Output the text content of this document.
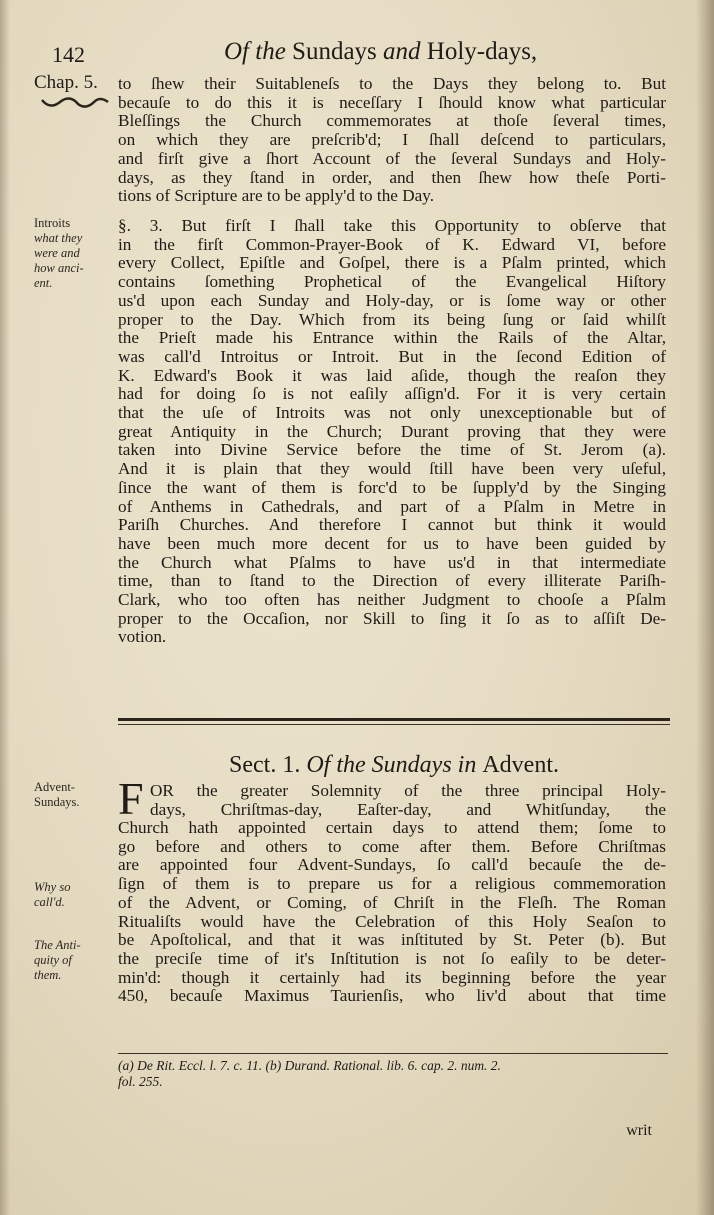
142	Of the Sundays and Holy-days,
Chap. 5.
Introits
what they
were and
how anci-
ent.
Advent-
Sundays.
Why so
call'd.
The Anti-
quity of
them.
to ſhew their Suitableneſs to the Days they belong to. But
becauſe to do this it is neceſſary I ſhould know what particular
Bleſſings the Church commemorates at thoſe ſeveral times,
on which they are preſcrib'd; I ſhall deſcend to particulars,
and firſt give a ſhort Account of the ſeveral Sundays and Holy-
days, as they ſtand in order, and then ſhew how theſe Porti-
tions of Scripture are to be apply'd to the Day.
§. 3. But firſt I ſhall take this Opportunity to obſerve that
in the firſt Common-Prayer-Book of K. Edward VI, before
every Collect, Epiſtle and Goſpel, there is a Pſalm printed, which
contains ſomething Prophetical of the Evangelical Hiſtory
us'd upon each Sunday and Holy-day, or is ſome way or other
proper to the Day. Which from its being ſung or ſaid whilſt
the Prieſt made his Entrance within the Rails of the Altar,
was call'd Introitus or Introit. But in the ſecond Edition of
K. Edward's Book it was laid aſide, though the reaſon they
had for doing ſo is not eaſily aſſign'd. For it is very certain
that the uſe of Introits was not only unexceptionable but of
great Antiquity in the Church; Durant proving that they were
taken into Divine Service before the time of St. Jerom (a).
And it is plain that they would ſtill have been very uſeful,
ſince the want of them is forc'd to be ſupply'd by the Singing
of Anthems in Cathedrals, and part of a Pſalm in Metre in
Pariſh Churches. And therefore I cannot but think it would
have been much more decent for us to have been guided by
the Church what Pſalms to have us'd in that intermediate
time, than to ſtand to the Direction of every illiterate Pariſh-
Clark, who too often has neither Judgment to chooſe a Pſalm
proper to the Occaſion, nor Skill to ſing it ſo as to aſſiſt De-
votion.
Sect. 1. Of the Sundays in Advent.
F OR the greater Solemnity of the three principal Holy-
days, Chriſtmas-day, Eaſter-day, and Whitſunday, the
Church hath appointed certain days to attend them; ſome to
go before and others to come after them. Before Chriſtmas
are appointed four Advent-Sundays, ſo call'd becauſe the de-
ſign of them is to prepare us for a religious commemoration
of the Advent, or Coming, of Chriſt in the Fleſh. The Roman
Ritualiſts would have the Celebration of this Holy Seaſon to
be Apoſtolical, and that it was inſtituted by St. Peter (b). But
the preciſe time of it's Inſtitution is not ſo eaſily to be deter-
min'd: though it certainly had its beginning before the year
450, becauſe Maximus Taurienſis, who liv'd about that time
(a) De Rit. Eccl. l. 7. c. 11. (b) Durand. Rational. lib. 6. cap. 2. num. 2.
fol. 255.
writ
